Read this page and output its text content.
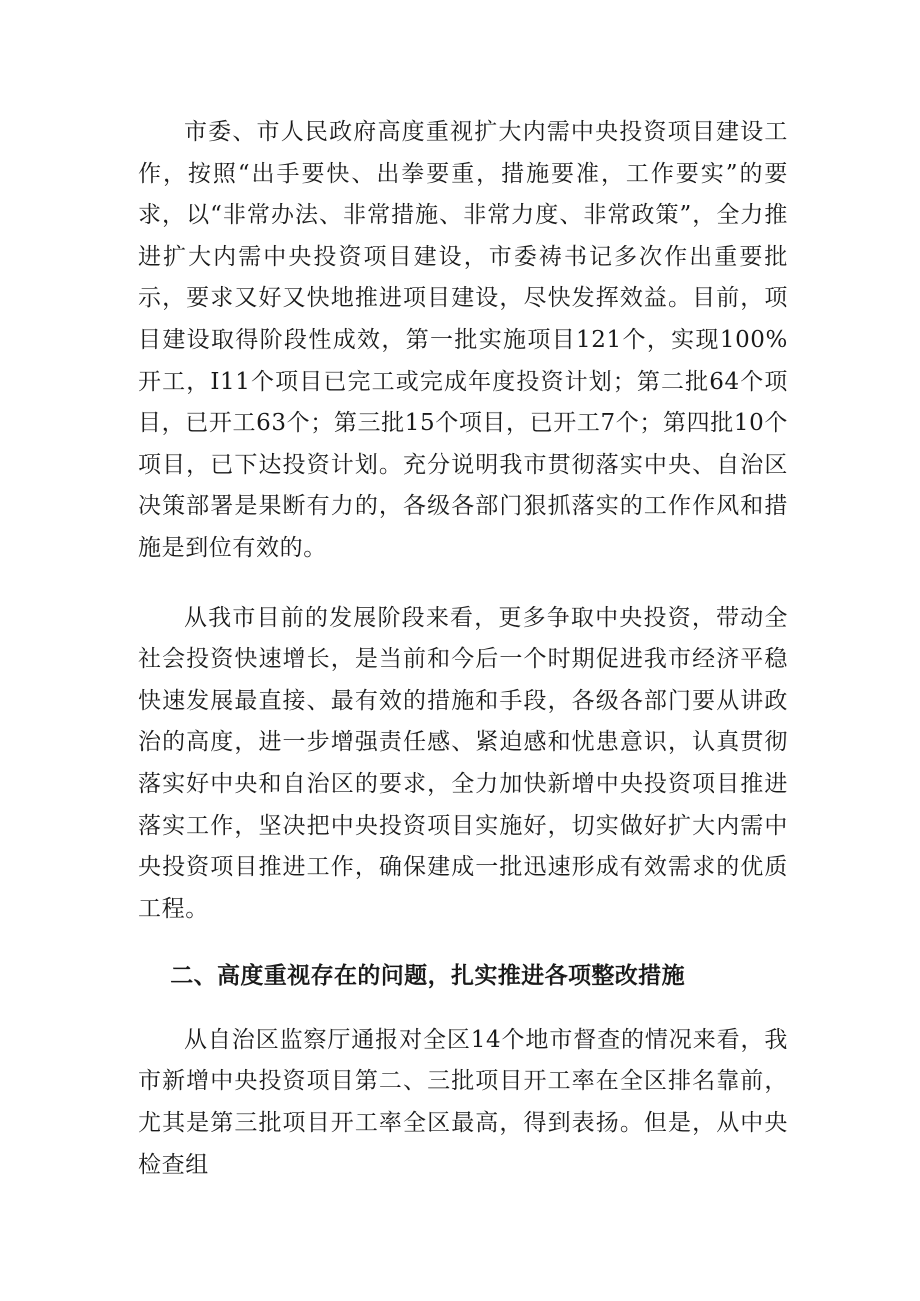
市委、市人民政府高度重视扩大内需中央投资项目建设工作，按照“出手要快、出拳要重，措施要准，工作要实”的要求，以“非常办法、非常措施、非常力度、非常政策”，全力推进扩大内需中央投资项目建设，市委祷书记多次作出重要批示，要求又好又快地推进项目建设，尽快发挥效益。目前，项目建设取得阶段性成效，第一批实施项目121个，实现100%开工，I11个项目已完工或完成年度投资计划；第二批64个项目，已开工63个；第三批15个项目，已开工7个；第四批10个项目，已下达投资计划。充分说明我市贯彻落实中央、自治区决策部署是果断有力的，各级各部门狠抓落实的工作作风和措施是到位有效的。

从我市目前的发展阶段来看，更多争取中央投资，带动全社会投资快速增长，是当前和今后一个时期促进我市经济平稳快速发展最直接、最有效的措施和手段，各级各部门要从讲政治的高度，进一步增强责任感、紧迫感和忧患意识，认真贯彻落实好中央和自治区的要求，全力加快新增中央投资项目推进落实工作，坚决把中央投资项目实施好，切实做好扩大内需中央投资项目推进工作，确保建成一批迅速形成有效需求的优质工程。

二、高度重视存在的问题，扎实推进各项整改措施

从自治区监察厅通报对全区14个地市督查的情况来看，我市新增中央投资项目第二、三批项目开工率在全区排名靠前，尤其是第三批项目开工率全区最高，得到表扬。但是，从中央检查组
